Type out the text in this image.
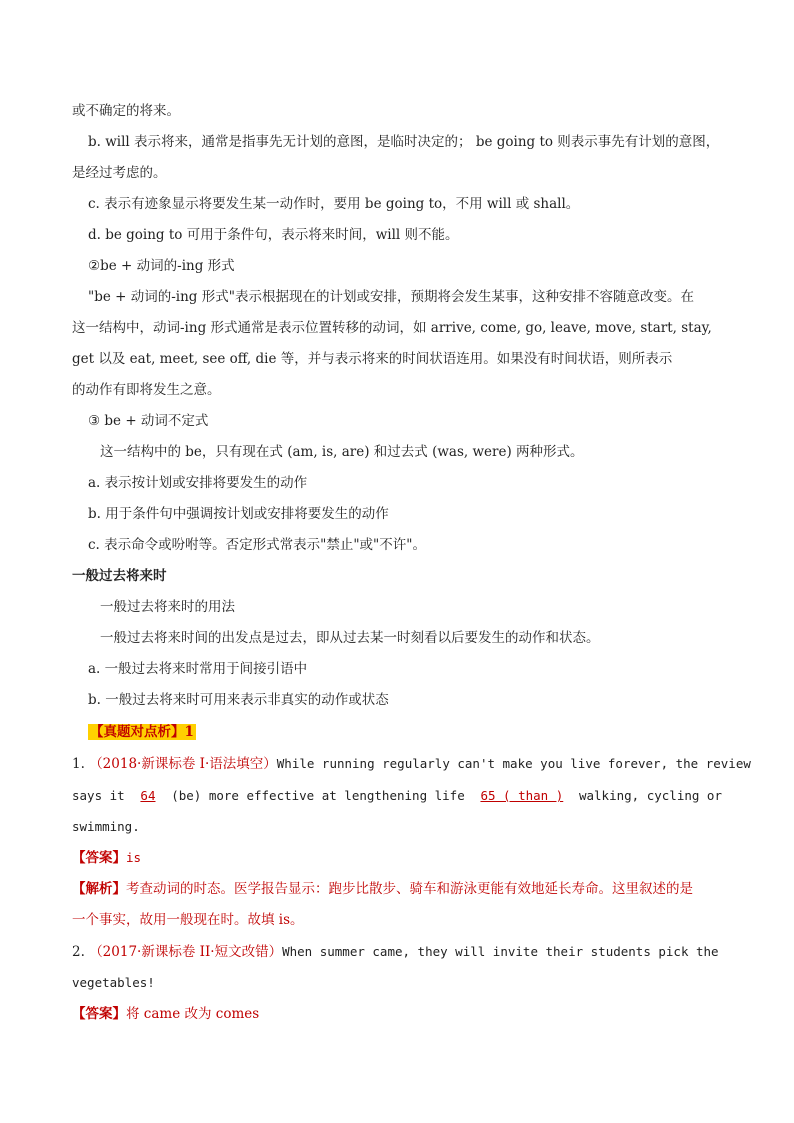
或不确定的将来。
b. will 表示将来，通常是指事先无计划的意图，是临时决定的； be going to 则表示事先有计划的意图，
是经过考虑的。
c. 表示有迹象显示将要发生某一动作时，要用 be going to，不用 will 或 shall。
d. be going to 可用于条件句，表示将来时间，will 则不能。
②be + 动词的-ing 形式
"be + 动词的-ing 形式"表示根据现在的计划或安排，预期将会发生某事，这种安排不容随意改变。在
这一结构中，动词-ing 形式通常是表示位置转移的动词，如 arrive, come, go, leave, move, start, stay,
get 以及 eat, meet, see off, die 等，并与表示将来的时间状语连用。如果没有时间状语，则所表示
的动作有即将发生之意。
③ be + 动词不定式
这一结构中的 be，只有现在式 (am, is, are) 和过去式 (was, were) 两种形式。
a. 表示按计划或安排将要发生的动作
b. 用于条件句中强调按计划或安排将要发生的动作
c. 表示命令或吩咐等。否定形式常表示"禁止"或"不许"。
一般过去将来时
一般过去将来时的用法
一般过去将来时间的出发点是过去，即从过去某一时刻看以后要发生的动作和状态。
a. 一般过去将来时常用于间接引语中
b. 一般过去将来时可用来表示非真实的动作或状态
【真题对点析】1
1. （2018·新课标卷 I·语法填空）While running regularly can't make you live forever, the review
says it 64 (be) more effective at lengthening life 65 ( than ) walking, cycling or
swimming.
【答案】is
【解析】考查动词的时态。医学报告显示：跑步比散步、骑车和游泳更能有效地延长寿命。这里叙述的是
一个事实，故用一般现在时。故填 is。
2. （2017·新课标卷 II·短文改错）When summer came, they will invite their students pick the
vegetables!
【答案】将 came 改为 comes
